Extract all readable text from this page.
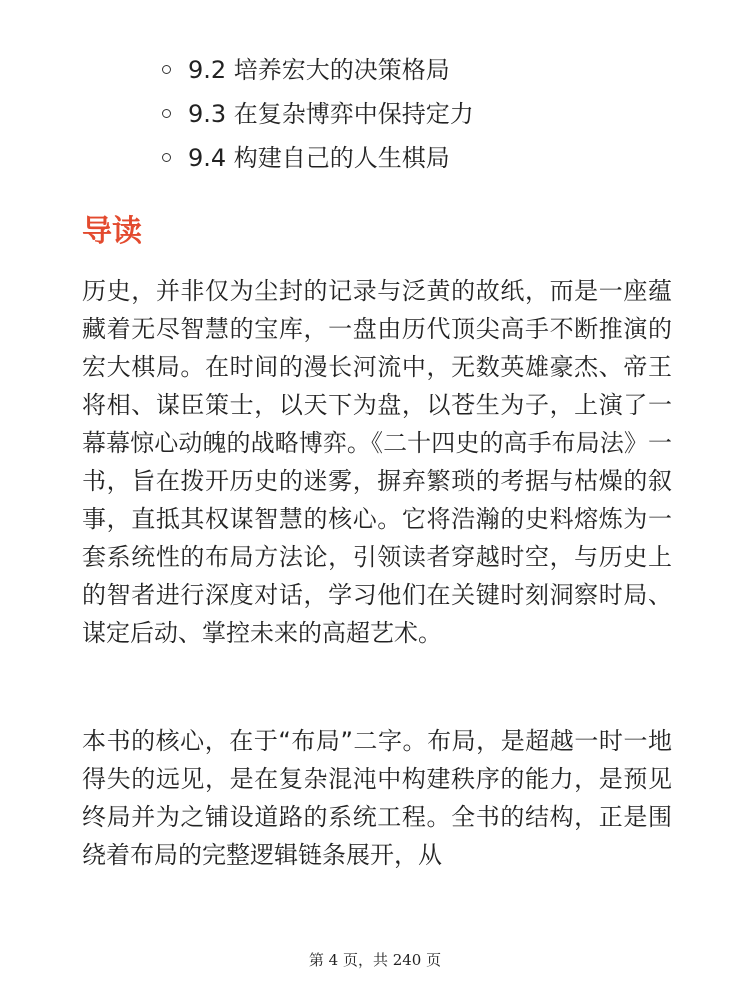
9.2 培养宏大的决策格局
9.3 在复杂博弈中保持定力
9.4 构建自己的人生棋局
导读

历史，并非仅为尘封的记录与泛黄的故纸，而是一座蕴藏着无尽智慧的宝库，一盘由历代顶尖高手不断推演的宏大棋局。在时间的漫长河流中，无数英雄豪杰、帝王将相、谋臣策士，以天下为盘，以苍生为子，上演了一幕幕惊心动魄的战略博弈。《二十四史的高手布局法》一书，旨在拨开历史的迷雾，摒弃繁琐的考据与枯燥的叙事，直抵其权谋智慧的核心。它将浩瀚的史料熔炼为一套系统性的布局方法论，引领读者穿越时空，与历史上的智者进行深度对话，学习他们在关键时刻洞察时局、谋定后动、掌控未来的高超艺术。

本书的核心，在于“布局”二字。布局，是超越一时一地得失的远见，是在复杂混沌中构建秩序的能力，是预见终局并为之铺设道路的系统工程。全书的结构，正是围绕着布局的完整逻辑链条展开，从

第 4 页，共 240 页
